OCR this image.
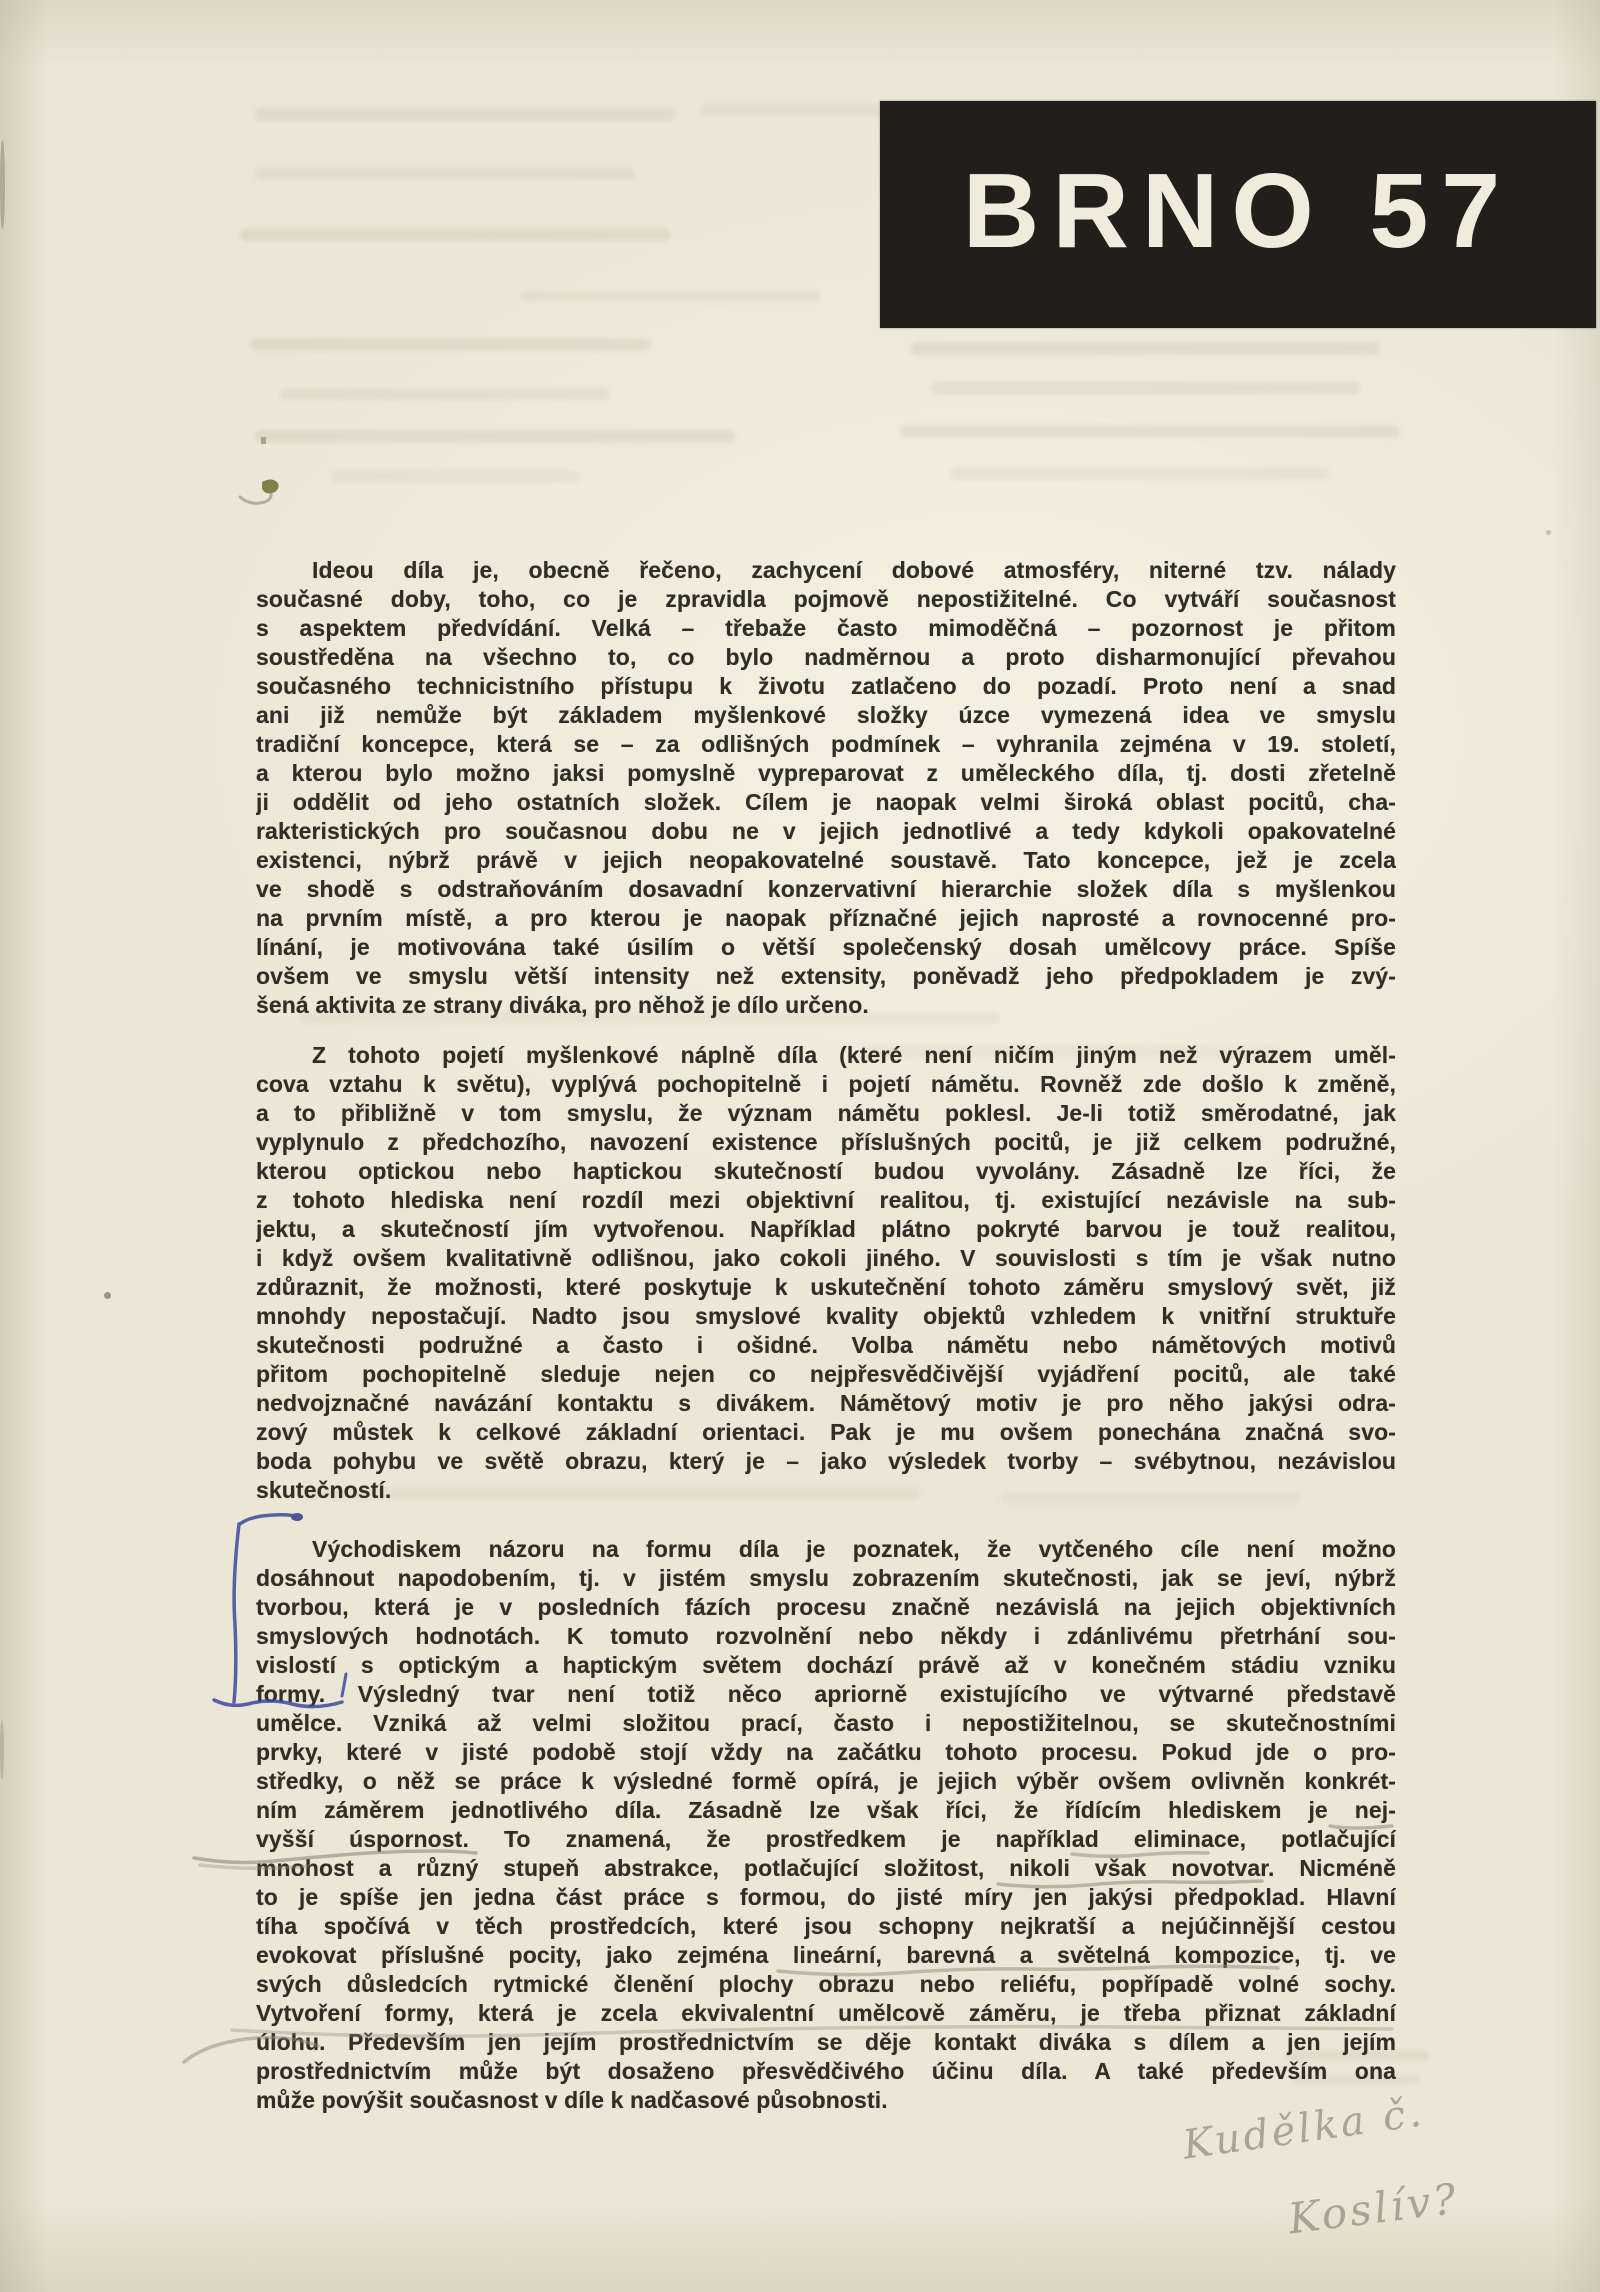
BRNO 57
Ideou díla je, obecně řečeno, zachycení dobové atmosféry, niterné tzv. nálady
současné doby, toho, co je zpravidla pojmově nepostižitelné. Co vytváří současnost
s aspektem předvídání. Velká – třebaže často mimoděčná – pozornost je přitom
soustředěna na všechno to, co bylo nadměrnou a proto disharmonující převahou
současného technicistního přístupu k životu zatlačeno do pozadí. Proto není a snad
ani již nemůže být základem myšlenkové složky úzce vymezená idea ve smyslu
tradiční koncepce, která se – za odlišných podmínek – vyhranila zejména v 19. století,
a kterou bylo možno jaksi pomyslně vypreparovat z uměleckého díla, tj. dosti zřetelně
ji oddělit od jeho ostatních složek. Cílem je naopak velmi široká oblast pocitů, cha-
rakteristických pro současnou dobu ne v jejich jednotlivé a tedy kdykoli opakovatelné
existenci, nýbrž právě v jejich neopakovatelné soustavě. Tato koncepce, jež je zcela
ve shodě s odstraňováním dosavadní konzervativní hierarchie složek díla s myšlenkou
na prvním místě, a pro kterou je naopak příznačné jejich naprosté a rovnocenné pro-
línání, je motivována také úsilím o větší společenský dosah umělcovy práce. Spíše
ovšem ve smyslu větší intensity než extensity, poněvadž jeho předpokladem je zvý-
šená aktivita ze strany diváka, pro něhož je dílo určeno.
Z tohoto pojetí myšlenkové náplně díla (které není ničím jiným než výrazem uměl-
cova vztahu k světu), vyplývá pochopitelně i pojetí námětu. Rovněž zde došlo k změně,
a to přibližně v tom smyslu, že význam námětu poklesl. Je-li totiž směrodatné, jak
vyplynulo z předchozího, navození existence příslušných pocitů, je již celkem podružné,
kterou optickou nebo haptickou skutečností budou vyvolány. Zásadně lze říci, že
z tohoto hlediska není rozdíl mezi objektivní realitou, tj. existující nezávisle na sub-
jektu, a skutečností jím vytvořenou. Například plátno pokryté barvou je touž realitou,
i když ovšem kvalitativně odlišnou, jako cokoli jiného. V souvislosti s tím je však nutno
zdůraznit, že možnosti, které poskytuje k uskutečnění tohoto záměru smyslový svět, již
mnohdy nepostačují. Nadto jsou smyslové kvality objektů vzhledem k vnitřní struktuře
skutečnosti podružné a často i ošidné. Volba námětu nebo námětových motivů
přitom pochopitelně sleduje nejen co nejpřesvědčivější vyjádření pocitů, ale také
nedvojznačné navázání kontaktu s divákem. Námětový motiv je pro něho jakýsi odra-
zový můstek k celkové základní orientaci. Pak je mu ovšem ponechána značná svo-
boda pohybu ve světě obrazu, který je – jako výsledek tvorby – svébytnou, nezávislou
skutečností.
Východiskem názoru na formu díla je poznatek, že vytčeného cíle není možno
dosáhnout napodobením, tj. v jistém smyslu zobrazením skutečnosti, jak se jeví, nýbrž
tvorbou, která je v posledních fázích procesu značně nezávislá na jejich objektivních
smyslových hodnotách. K tomuto rozvolnění nebo někdy i zdánlivému přetrhání sou-
vislostí s optickým a haptickým světem dochází právě až v konečném stádiu vzniku
formy. Výsledný tvar není totiž něco apriorně existujícího ve výtvarné představě
umělce. Vzniká až velmi složitou prací, často i nepostižitelnou, se skutečnostními
prvky, které v jisté podobě stojí vždy na začátku tohoto procesu. Pokud jde o pro-
středky, o něž se práce k výsledné formě opírá, je jejich výběr ovšem ovlivněn konkrét-
ním záměrem jednotlivého díla. Zásadně lze však říci, že řídícím hlediskem je nej-
vyšší úspornost. To znamená, že prostředkem je například eliminace, potlačující
mnohost a různý stupeň abstrakce, potlačující složitost, nikoli však novotvar. Nicméně
to je spíše jen jedna část práce s formou, do jisté míry jen jakýsi předpoklad. Hlavní
tíha spočívá v těch prostředcích, které jsou schopny nejkratší a nejúčinnější cestou
evokovat příslušné pocity, jako zejména lineární, barevná a světelná kompozice, tj. ve
svých důsledcích rytmické členění plochy obrazu nebo reliéfu, popřípadě volné sochy.
Vytvoření formy, která je zcela ekvivalentní umělcově záměru, je třeba přiznat základní
úlohu. Především jen jejím prostřednictvím se děje kontakt diváka s dílem a jen jejím
prostřednictvím může být dosaženo přesvědčivého účinu díla. A také především ona
může povýšit současnost v díle k nadčasové působnosti.	Kudělka č.
Koslív?
